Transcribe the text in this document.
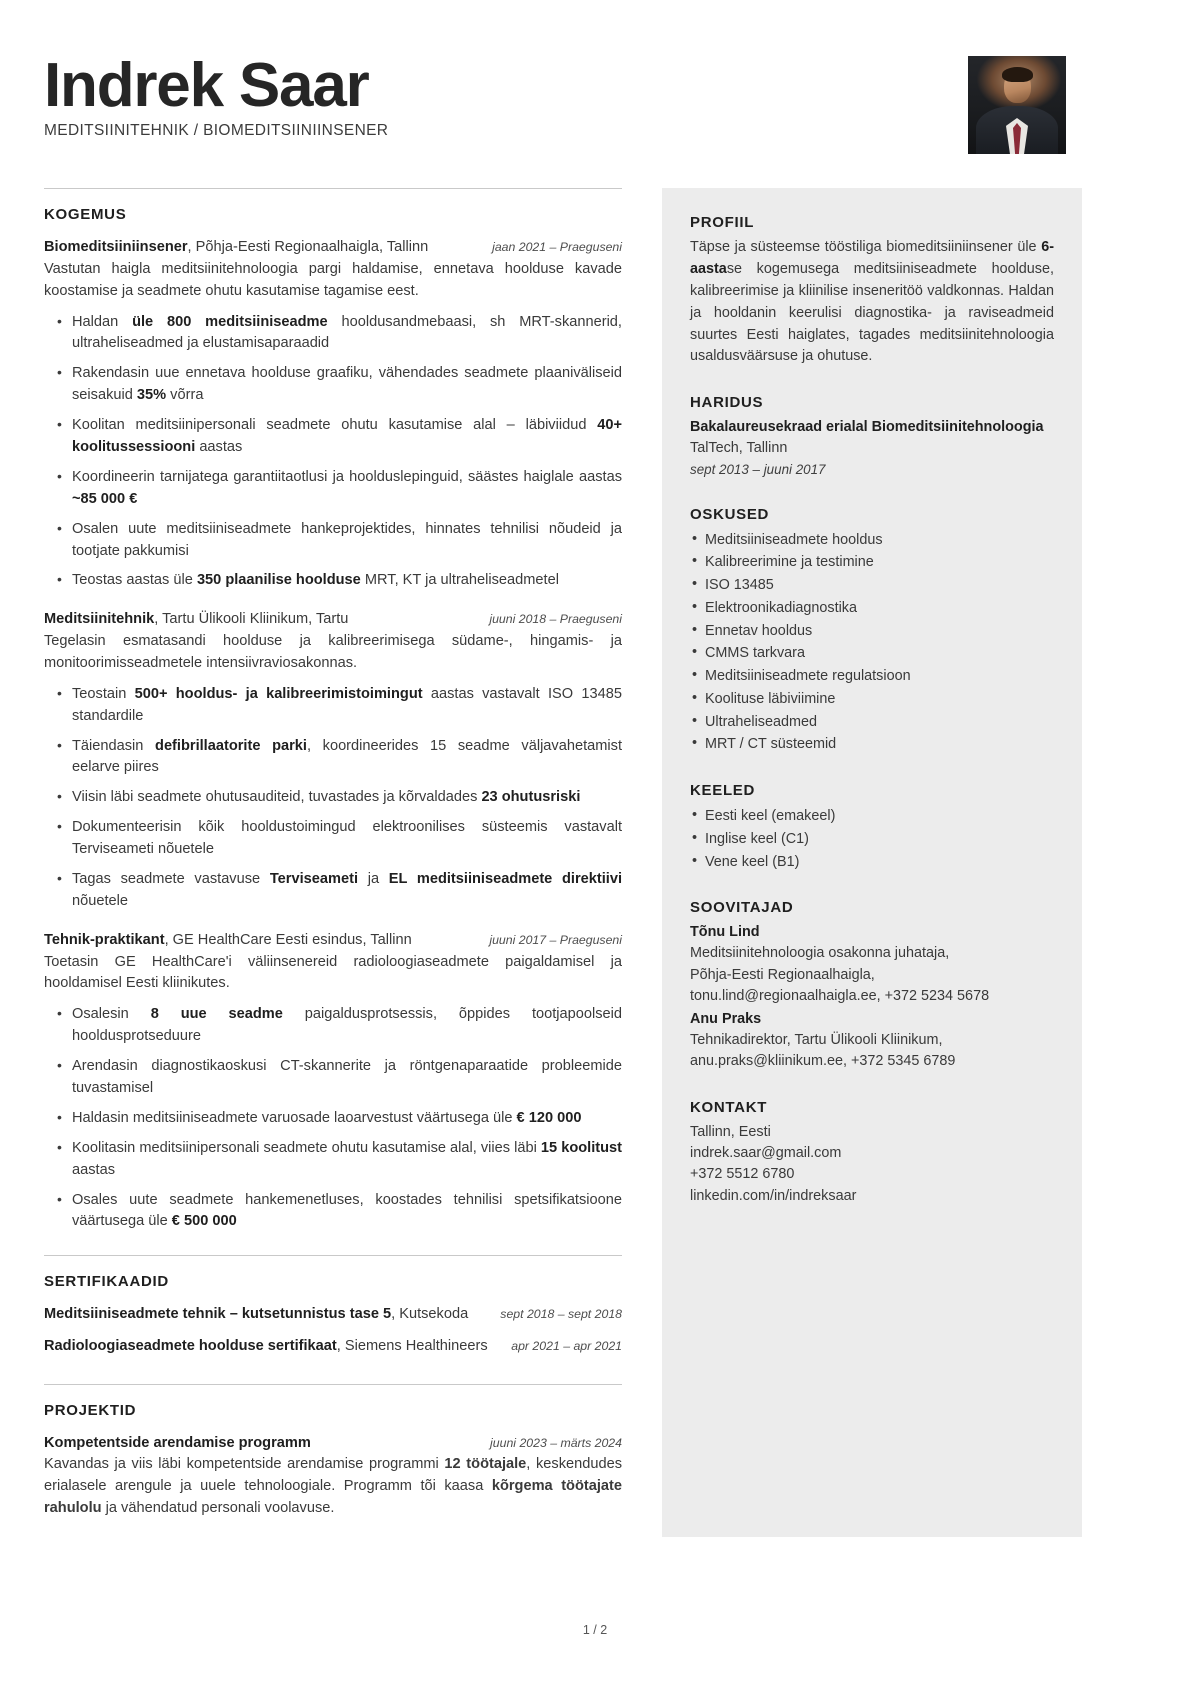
Indrek Saar
MEDITSIINITEHNIK / BIOMEDITSIINIINSENER
KOGEMUS
Biomeditsiiniinsener, Põhja-Eesti Regionaalhaigla, Tallinn	jaan 2021 – Praeguseni
Vastutan haigla meditsiinitehnoloogia pargi haldamise, ennetava hoolduse kavade koostamise ja seadmete ohutu kasutamise tagamise eest.
• Haldan üle 800 meditsiiniseadme hooldusandmebaasi, sh MRT-skannerid, ultraheliseadmed ja elustamisaparaadid
• Rakendasin uue ennetava hoolduse graafiku, vähendades seadmete plaaniväliseid seisakuid 35% võrra
• Koolitan meditsiinipersonali seadmete ohutu kasutamise alal – läbiviidud 40+ koolitussessiooni aastas
• Koordineerin tarnijatega garantiitaotlusi ja hoolduslepinguid, säästes haiglale aastas ~85 000 €
• Osalen uute meditsiiniseadmete hankeprojektides, hinnates tehnilisi nõudeid ja tootjate pakkumisi
• Teostas aastas üle 350 plaanilise hoolduse MRT, KT ja ultraheliseadmetel
Meditsiinitehnik, Tartu Ülikooli Kliinikum, Tartu	juuni 2018 – Praeguseni
Tegelasin esmatasandi hoolduse ja kalibreerimisega südame-, hingamis- ja monitoorimisseadmetele intensiivraviosakonnas.
• Teostain 500+ hooldus- ja kalibreerimistoimingut aastas vastavalt ISO 13485 standardile
• Täiendasin defibrillaatorite parki, koordineerides 15 seadme väljavahetamist eelarve piires
• Viisin läbi seadmete ohutusauditeid, tuvastades ja kõrvaldades 23 ohutusriski
• Dokumenteerisin kõik hooldustoimingud elektroonilises süsteemis vastavalt Terviseameti nõuetele
• Tagas seadmete vastavuse Terviseameti ja EL meditsiiniseadmete direktiivi nõuetele
Tehnik-praktikant, GE HealthCare Eesti esindus, Tallinn	juuni 2017 – Praeguseni
Toetasin GE HealthCare'i väliinsenereid radioloogiaseadmete paigaldamisel ja hooldamisel Eesti kliinikutes.
• Osalesin 8 uue seadme paigaldusprotsessis, õppides tootjapoolseid hooldusprotseduure
• Arendasin diagnostikaoskusi CT-skannerite ja röntgenaparaatide probleemide tuvastamisel
• Haldasin meditsiiniseadmete varuosade laoarvestust väärtusega üle € 120 000
• Koolitasin meditsiinipersonali seadmete ohutu kasutamise alal, viies läbi 15 koolitust aastas
• Osales uute seadmete hankemenetluses, koostades tehnilisi spetsifikatsioone väärtusega üle € 500 000
SERTIFIKAADID
Meditsiiniseadmete tehnik – kutsetunnistus tase 5, Kutsekoda	sept 2018 – sept 2018
Radioloogiaseadmete hoolduse sertifikaat, Siemens Healthineers	apr 2021 – apr 2021
PROJEKTID
Kompetentside arendamise programm	juuni 2023 – märts 2024
Kavandas ja viis läbi kompetentside arendamise programmi 12 töötajale, keskendudes erialasele arengule ja uuele tehnoloogiale. Programm tõi kaasa kõrgema töötajate rahulolu ja vähendatud personali voolavuse.
PROFIIL
Täpse ja süsteemse tööstiliga biomeditsiiniinsener üle 6-aastase kogemusega meditsiiniseadmete hoolduse, kalibreerimise ja kliinilise inseneritöö valdkonnas. Haldan ja hooldanin keerulisi diagnostika- ja raviseadmeid suurtes Eesti haiglates, tagades meditsiinitehnoloogia usaldusväärsuse ja ohutuse.
HARIDUS
Bakalaureusekraad erialal Biomeditsiinitehnoloogia
TalTech, Tallinn
sept 2013 – juuni 2017
OSKUSED
• Meditsiiniseadmete hooldus
• Kalibreerimine ja testimine
• ISO 13485
• Elektroonikadiagnostika
• Ennetav hooldus
• CMMS tarkvara
• Meditsiiniseadmete regulatsioon
• Koolituse läbiviimine
• Ultraheliseadmed
• MRT / CT süsteemid
KEELED
• Eesti keel (emakeel)
• Inglise keel (C1)
• Vene keel (B1)
SOOVITAJAD
Tõnu Lind
Meditsiinitehnoloogia osakonna juhataja,
Põhja-Eesti Regionaalhaigla,
tonu.lind@regionaalhaigla.ee, +372 5234 5678
Anu Praks
Tehnikadirektor, Tartu Ülikooli Kliinikum,
anu.praks@kliinikum.ee, +372 5345 6789
KONTAKT
Tallinn, Eesti
indrek.saar@gmail.com
+372 5512 6780
linkedin.com/in/indreksaar
1 / 2
